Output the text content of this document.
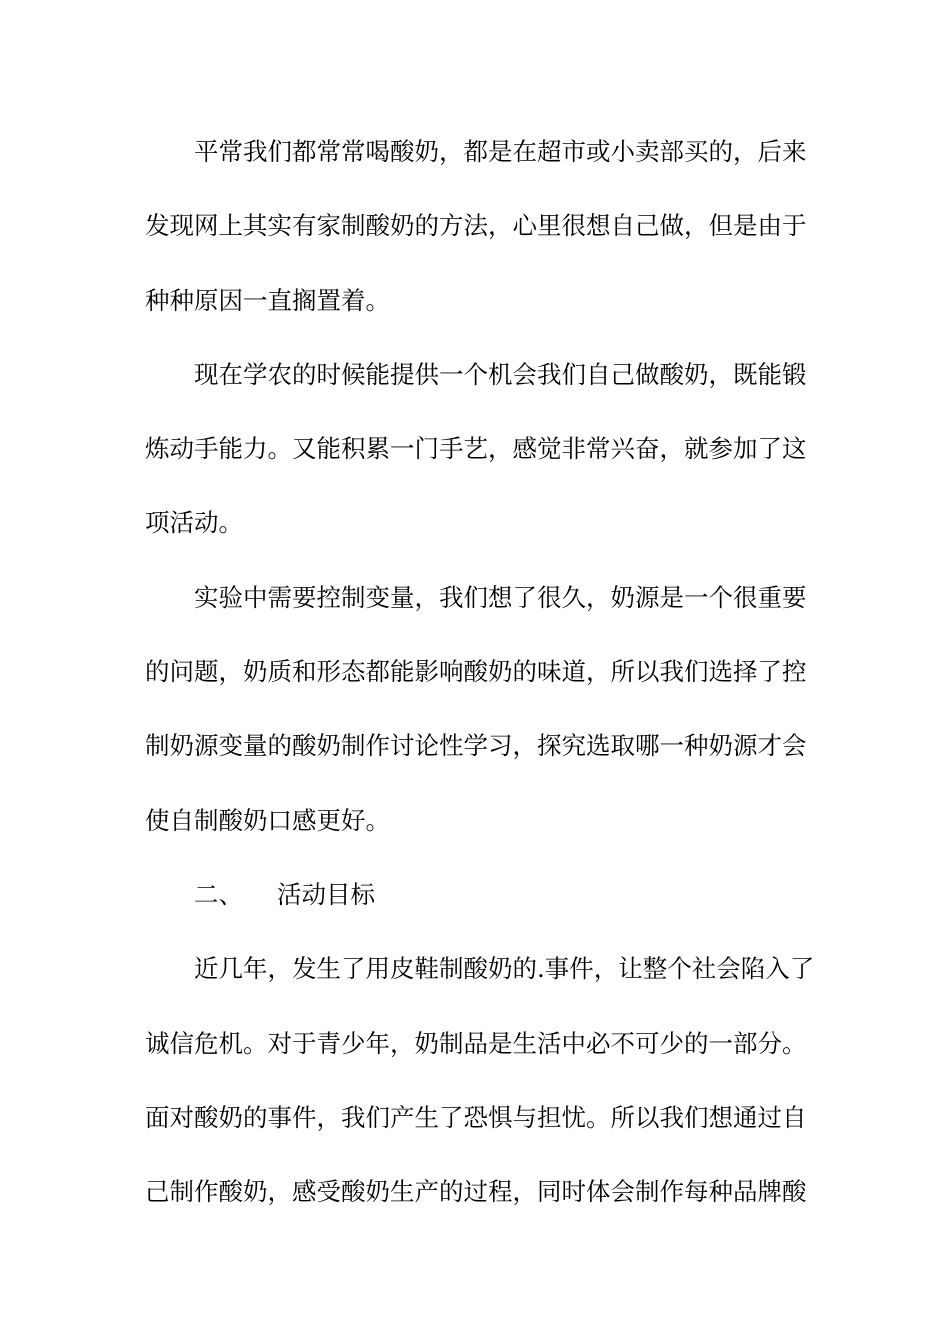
平常我们都常常喝酸奶，都是在超市或小卖部买的，后来
发现网上其实有家制酸奶的方法，心里很想自己做，但是由于
种种原因一直搁置着。
现在学农的时候能提供一个机会我们自己做酸奶，既能锻
炼动手能力。又能积累一门手艺，感觉非常兴奋，就参加了这
项活动。
实验中需要控制变量，我们想了很久，奶源是一个很重要
的问题，奶质和形态都能影响酸奶的味道，所以我们选择了控
制奶源变量的酸奶制作讨论性学习，探究选取哪一种奶源才会
使自制酸奶口感更好。
二、 活动目标
近几年，发生了用皮鞋制酸奶的.事件，让整个社会陷入了
诚信危机。对于青少年，奶制品是生活中必不可少的一部分。
面对酸奶的事件，我们产生了恐惧与担忧。所以我们想通过自
己制作酸奶，感受酸奶生产的过程，同时体会制作每种品牌酸
